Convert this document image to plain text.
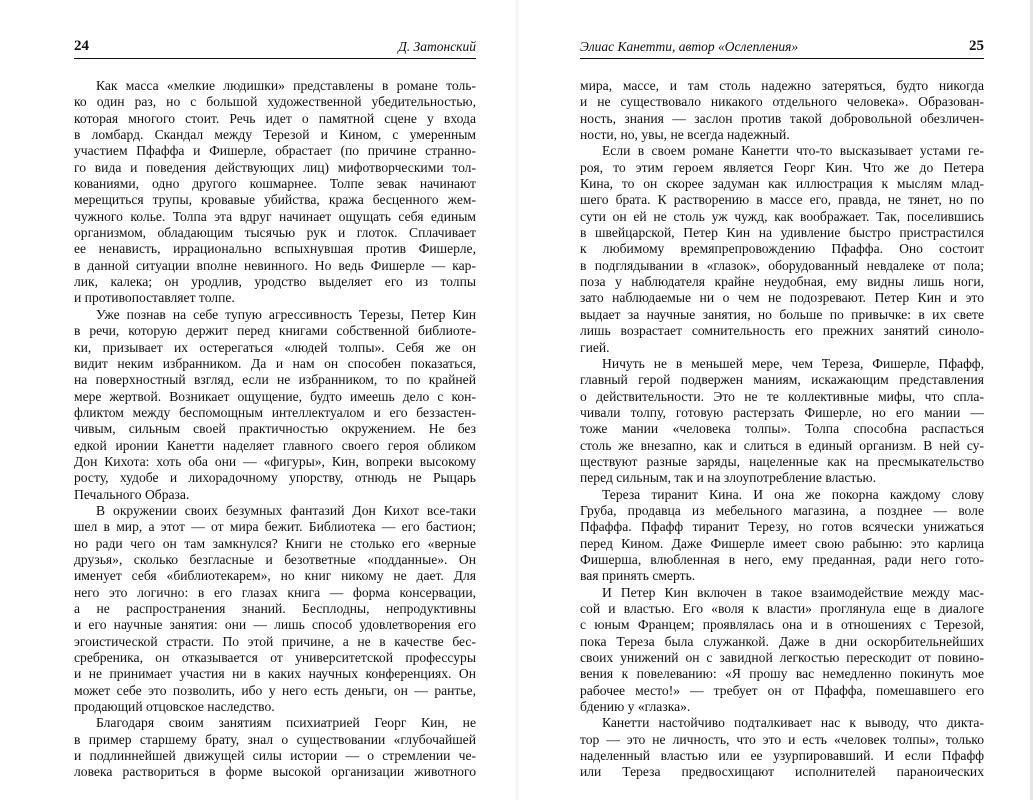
24	Д. Затонский
Как масса «мелкие людишки» представлены в романе толь-
ко один раз, но с большой художественной убедительностью,
которая многого стоит. Речь идет о памятной сцене у входа
в ломбард. Скандал между Терезой и Кином, с умеренным
участием Пфаффа и Фишерле, обрастает (по причине странно-
го вида и поведения действующих лиц) мифотворческими тол-
кованиями, одно другого кошмарнее. Толпе зевак начинают
мерещиться трупы, кровавые убийства, кража бесценного жем-
чужного колье. Толпа эта вдруг начинает ощущать себя единым
организмом, обладающим тысячью рук и глоток. Сплачивает
ее ненависть, иррационально вспыхнувшая против Фишерле,
в данной ситуации вполне невинного. Но ведь Фишерле — кар-
лик, калека; он уродлив, уродство выделяет его из толпы
и противопоставляет толпе.
Уже познав на себе тупую агрессивность Терезы, Петер Кин
в речи, которую держит перед книгами собственной библиоте-
ки, призывает их остерегаться «людей толпы». Себя же он
видит неким избранником. Да и нам он способен показаться,
на поверхностный взгляд, если не избранником, то по крайней
мере жертвой. Возникает ощущение, будто имеешь дело с кон-
фликтом между беспомощным интеллектуалом и его беззастен-
чивым, сильным своей практичностью окружением. Не без
едкой иронии Канетти наделяет главного своего героя обликом
Дон Кихота: хоть оба они — «фигуры», Кин, вопреки высокому
росту, худобе и лихорадочному упорству, отнюдь не Рыцарь
Печального Образа.
В окружении своих безумных фантазий Дон Кихот все-таки
шел в мир, а этот — от мира бежит. Библиотека — его бастион;
но ради чего он там замкнулся? Книги не столько его «верные
друзья», сколько безгласные и безответные «подданные». Он
именует себя «библиотекарем», но книг никому не дает. Для
него это логично: в его глазах книга — форма консервации,
а не распространения знаний. Бесплодны, непродуктивны
и его научные занятия: они — лишь способ удовлетворения его
эгоистической страсти. По этой причине, а не в качестве бес-
сребреника, он отказывается от университетской профессуры
и не принимает участия ни в каких научных конференциях. Он
может себе это позволить, ибо у него есть деньги, он — рантье,
продающий отцовское наследство.
Благодаря своим занятиям психиатрией Георг Кин, не
в пример старшему брату, знал о существовании «глубочайшей
и подлиннейшей движущей силы истории — о стремлении че-
ловека раствориться в форме высокой организации животного
Элиас Канетти, автор «Ослепления»	25
мира, массе, и там столь надежно затеряться, будто никогда
и не существовало никакого отдельного человека». Образован-
ность, знания — заслон против такой добровольной обезличен-
ности, но, увы, не всегда надежный.
Если в своем романе Канетти что-то высказывает устами ге-
роя, то этим героем является Георг Кин. Что же до Петера
Кина, то он скорее задуман как иллюстрация к мыслям млад-
шего брата. К растворению в массе его, правда, не тянет, но по
сути он ей не столь уж чужд, как воображает. Так, поселившись
в швейцарской, Петер Кин на удивление быстро пристрастился
к любимому времяпрепровождению Пфаффа. Оно состоит
в подглядывании в «глазок», оборудованный невдалеке от пола;
поза у наблюдателя крайне неудобная, ему видны лишь ноги,
зато наблюдаемые ни о чем не подозревают. Петер Кин и это
выдает за научные занятия, но больше по привычке: в их свете
лишь возрастает сомнительность его прежних занятий синоло-
гией.
Ничуть не в меньшей мере, чем Тереза, Фишерле, Пфафф,
главный герой подвержен маниям, искажающим представления
о действительности. Это не те коллективные мифы, что спла-
чивали толпу, готовую растерзать Фишерле, но его мании —
тоже мании «человека толпы». Толпа способна распасться
столь же внезапно, как и слиться в единый организм. В ней су-
ществуют разные заряды, нацеленные как на пресмыкательство
перед сильным, так и на злоупотребление властью.
Тереза тиранит Кина. И она же покорна каждому слову
Груба, продавца из мебельного магазина, а позднее — воле
Пфаффа. Пфафф тиранит Терезу, но готов всячески унижаться
перед Кином. Даже Фишерле имеет свою рабыню: это карлица
Фишерша, влюбленная в него, ему преданная, ради него гото-
вая принять смерть.
И Петер Кин включен в такое взаимодействие между мас-
сой и властью. Его «воля к власти» проглянула еще в диалоге
с юным Францем; проявлялась она и в отношениях с Терезой,
пока Тереза была служанкой. Даже в дни оскорбительнейших
своих унижений он с завидной легкостью перескодит от повино-
вения к повелеванию: «Я прошу вас немедленно покинуть мое
рабочее место!» — требует он от Пфаффа, помешавшего его
бдению у «глазка».
Канетти настойчиво подталкивает нас к выводу, что дикта-
тор — это не личность, что это и есть «человек толпы», только
наделенный властью или ее узурпировавший. И если Пфафф
или Тереза предвосхищают исполнителей параноических
